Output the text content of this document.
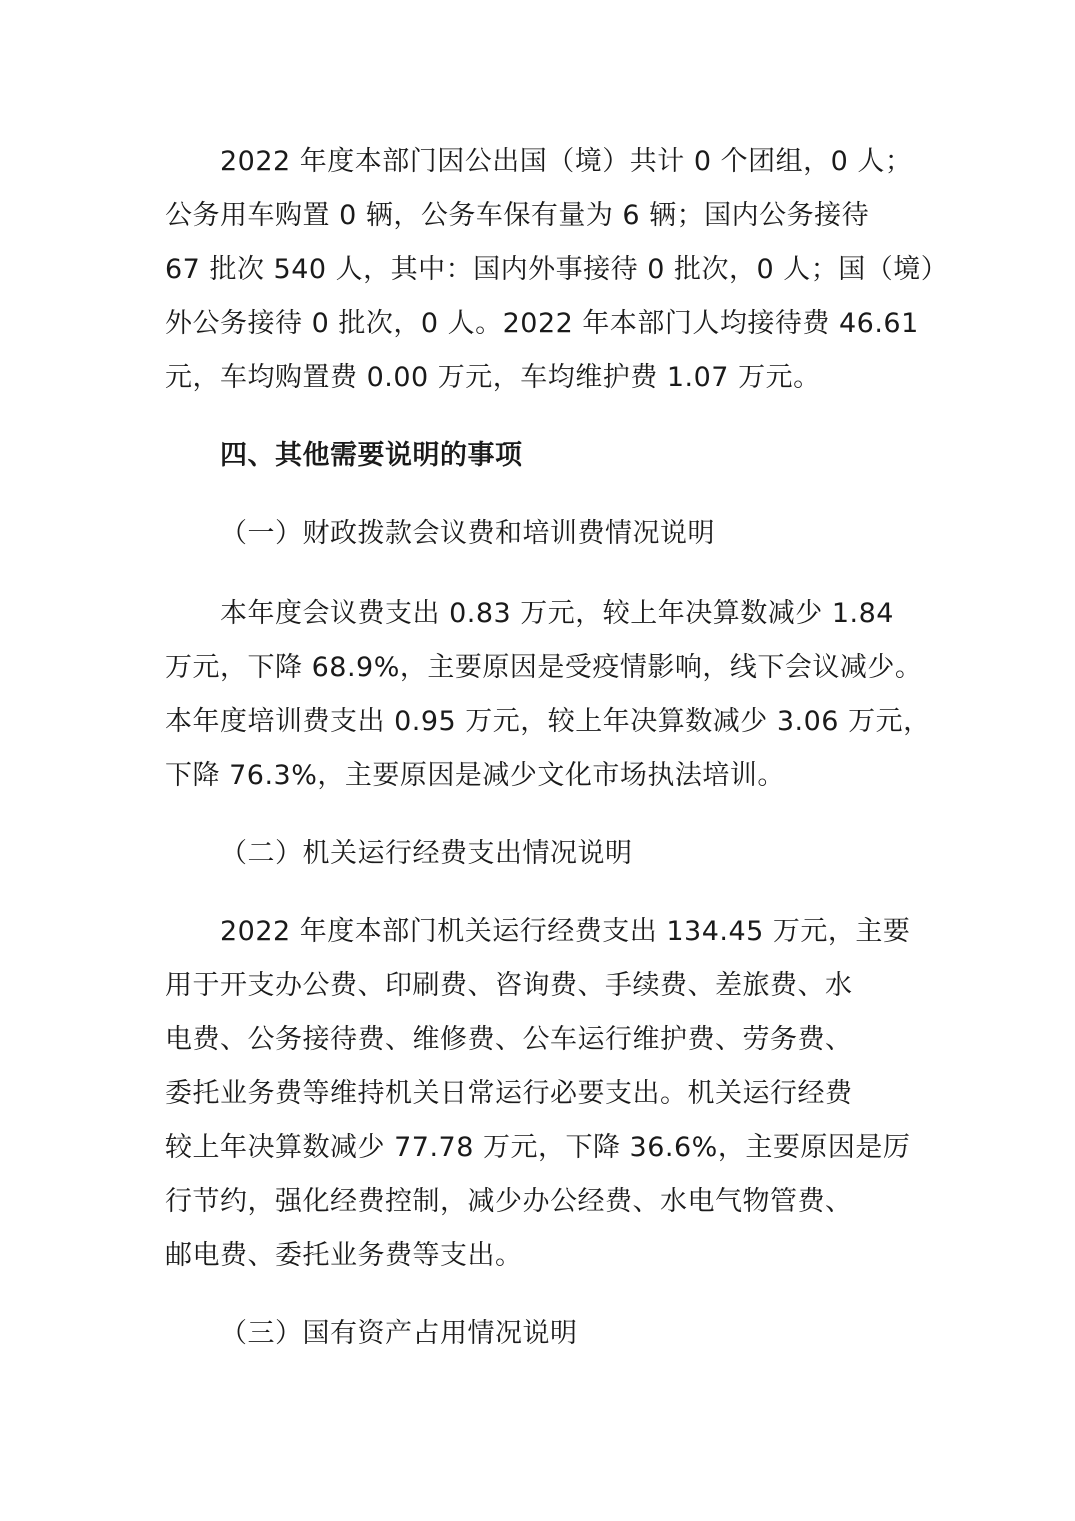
2022 年度本部门因公出国（境）共计 0 个团组，0 人；
公务用车购置 0 辆，公务车保有量为 6 辆；国内公务接待
67 批次 540 人，其中：国内外事接待 0 批次，0 人；国（境）
外公务接待 0 批次，0 人。2022 年本部门人均接待费 46.61
元，车均购置费 0.00 万元，车均维护费 1.07 万元。
四、其他需要说明的事项
（一）财政拨款会议费和培训费情况说明
本年度会议费支出 0.83 万元，较上年决算数减少 1.84
万元，下降 68.9%，主要原因是受疫情影响，线下会议减少。
本年度培训费支出 0.95 万元，较上年决算数减少 3.06 万元，
下降 76.3%，主要原因是减少文化市场执法培训。
（二）机关运行经费支出情况说明
2022 年度本部门机关运行经费支出 134.45 万元，主要
用于开支办公费、印刷费、咨询费、手续费、差旅费、水
电费、公务接待费、维修费、公车运行维护费、劳务费、
委托业务费等维持机关日常运行必要支出。机关运行经费
较上年决算数减少 77.78 万元，下降 36.6%，主要原因是厉
行节约，强化经费控制，减少办公经费、水电气物管费、
邮电费、委托业务费等支出。
（三）国有资产占用情况说明
